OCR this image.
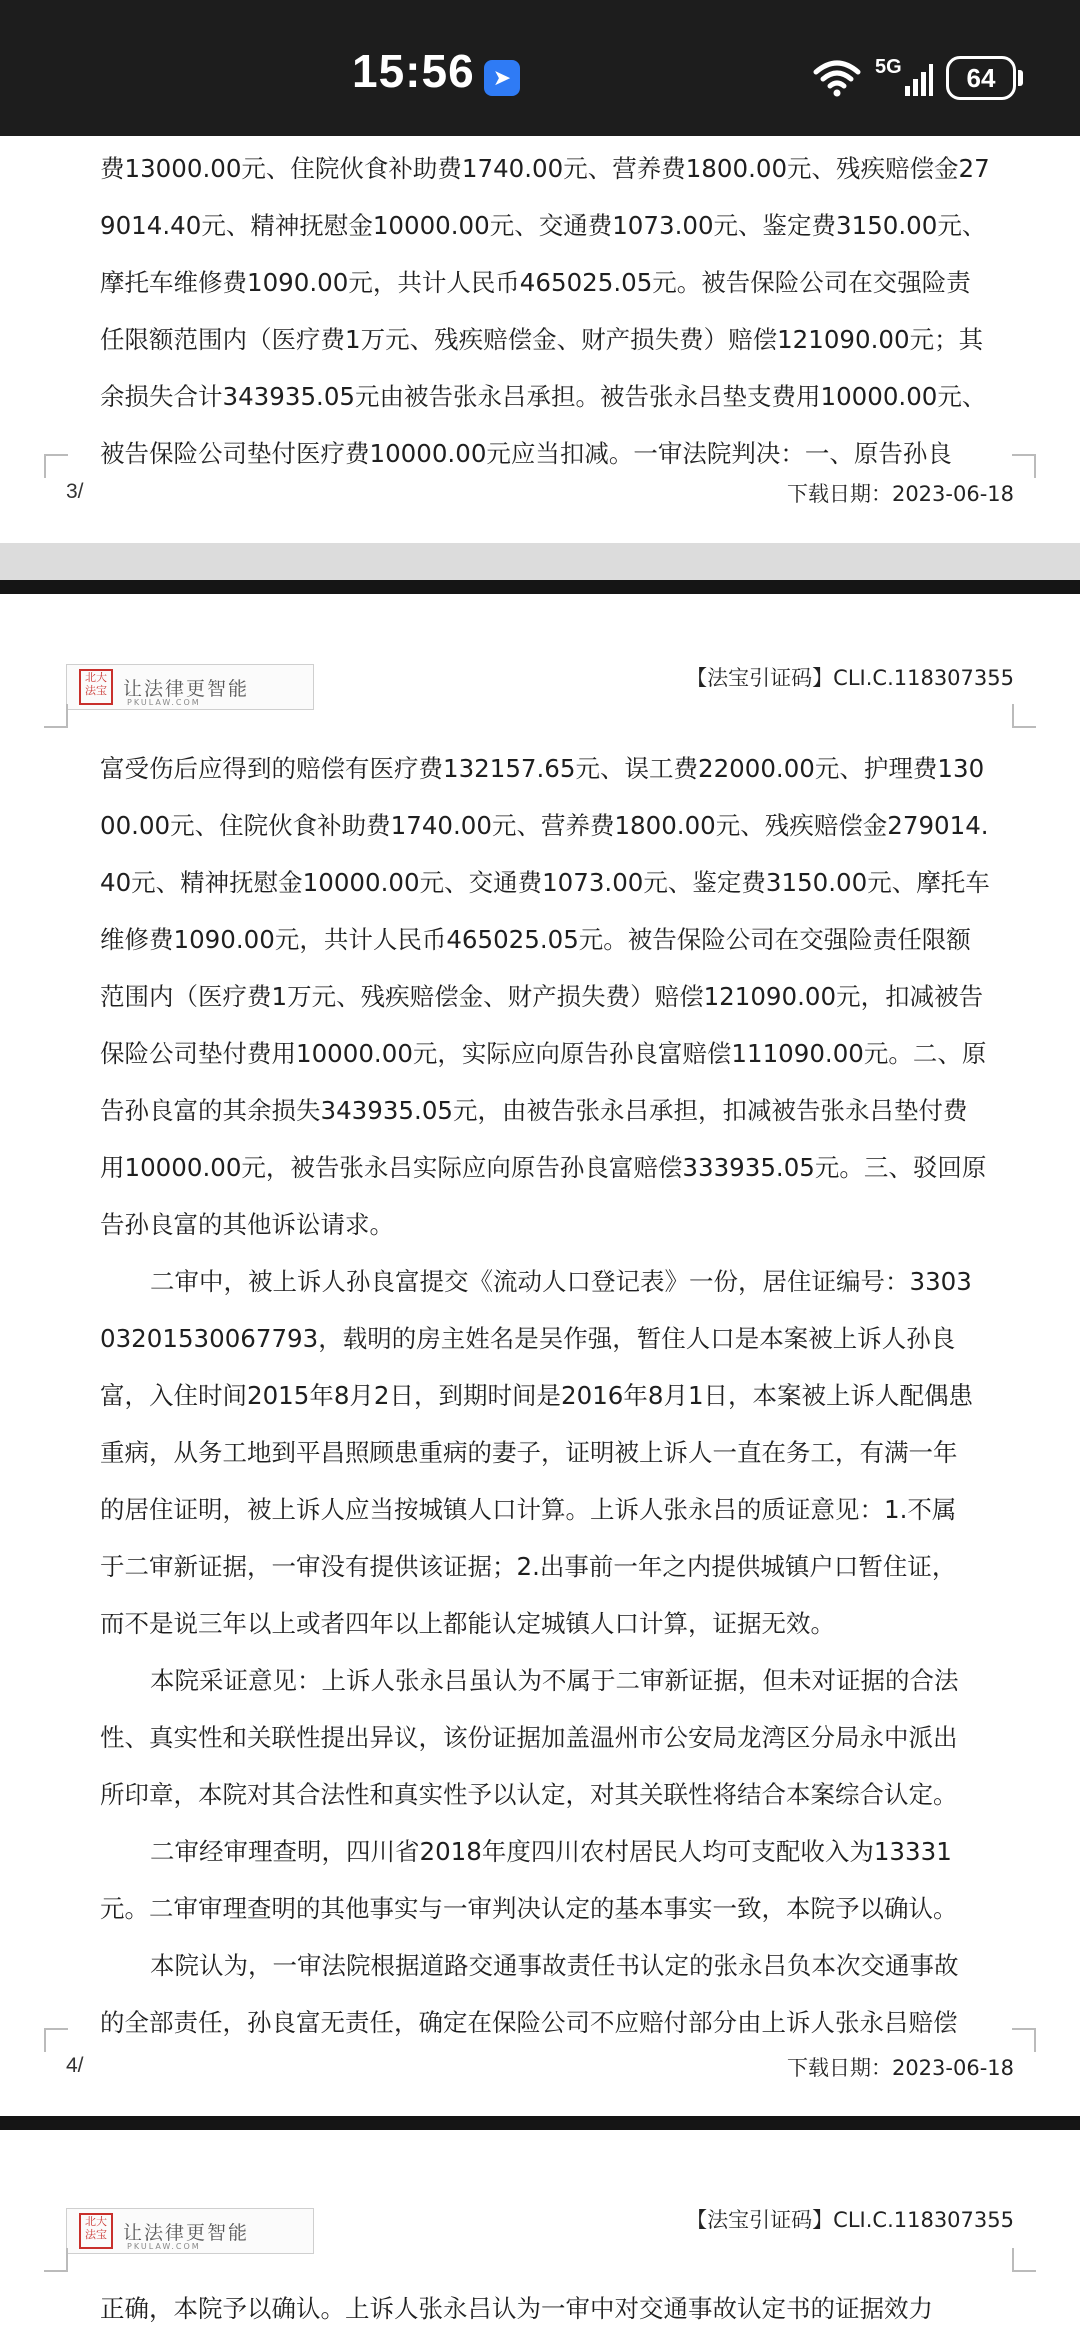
15:56 ➤	5G	64
费13000.00元、住院伙食补助费1740.00元、营养费1800.00元、残疾赔偿金27
9014.40元、精神抚慰金10000.00元、交通费1073.00元、鉴定费3150.00元、
摩托车维修费1090.00元，共计人民币465025.05元。被告保险公司在交强险责
任限额范围内（医疗费1万元、残疾赔偿金、财产损失费）赔偿121090.00元；其
余损失合计343935.05元由被告张永吕承担。被告张永吕垫支费用10000.00元、
被告保险公司垫付医疗费10000.00元应当扣减。一审法院判决：一、原告孙良
3/	下载日期：2023-06-18
北大
法宝 让法律更智能
PKULAW.COM
【法宝引证码】CLI.C.118307355
富受伤后应得到的赔偿有医疗费132157.65元、误工费22000.00元、护理费130
00.00元、住院伙食补助费1740.00元、营养费1800.00元、残疾赔偿金279014.
40元、精神抚慰金10000.00元、交通费1073.00元、鉴定费3150.00元、摩托车
维修费1090.00元，共计人民币465025.05元。被告保险公司在交强险责任限额
范围内（医疗费1万元、残疾赔偿金、财产损失费）赔偿121090.00元，扣减被告
保险公司垫付费用10000.00元，实际应向原告孙良富赔偿111090.00元。二、原
告孙良富的其余损失343935.05元，由被告张永吕承担，扣减被告张永吕垫付费
用10000.00元，被告张永吕实际应向原告孙良富赔偿333935.05元。三、驳回原
告孙良富的其他诉讼请求。
二审中，被上诉人孙良富提交《流动人口登记表》一份，居住证编号：3303
03201530067793，载明的房主姓名是吴作强，暂住人口是本案被上诉人孙良
富，入住时间2015年8月2日，到期时间是2016年8月1日，本案被上诉人配偶患
重病，从务工地到平昌照顾患重病的妻子，证明被上诉人一直在务工，有满一年
的居住证明，被上诉人应当按城镇人口计算。上诉人张永吕的质证意见：1.不属
于二审新证据，一审没有提供该证据；2.出事前一年之内提供城镇户口暂住证，
而不是说三年以上或者四年以上都能认定城镇人口计算，证据无效。
本院采证意见：上诉人张永吕虽认为不属于二审新证据，但未对证据的合法
性、真实性和关联性提出异议，该份证据加盖温州市公安局龙湾区分局永中派出
所印章，本院对其合法性和真实性予以认定，对其关联性将结合本案综合认定。
二审经审理查明，四川省2018年度四川农村居民人均可支配收入为13331
元。二审审理查明的其他事实与一审判决认定的基本事实一致，本院予以确认。
本院认为，一审法院根据道路交通事故责任书认定的张永吕负本次交通事故
的全部责任，孙良富无责任，确定在保险公司不应赔付部分由上诉人张永吕赔偿
4/	下载日期：2023-06-18
北大
法宝 让法律更智能
PKULAW.COM
【法宝引证码】CLI.C.118307355
正确，本院予以确认。上诉人张永吕认为一审中对交通事故认定书的证据效力
